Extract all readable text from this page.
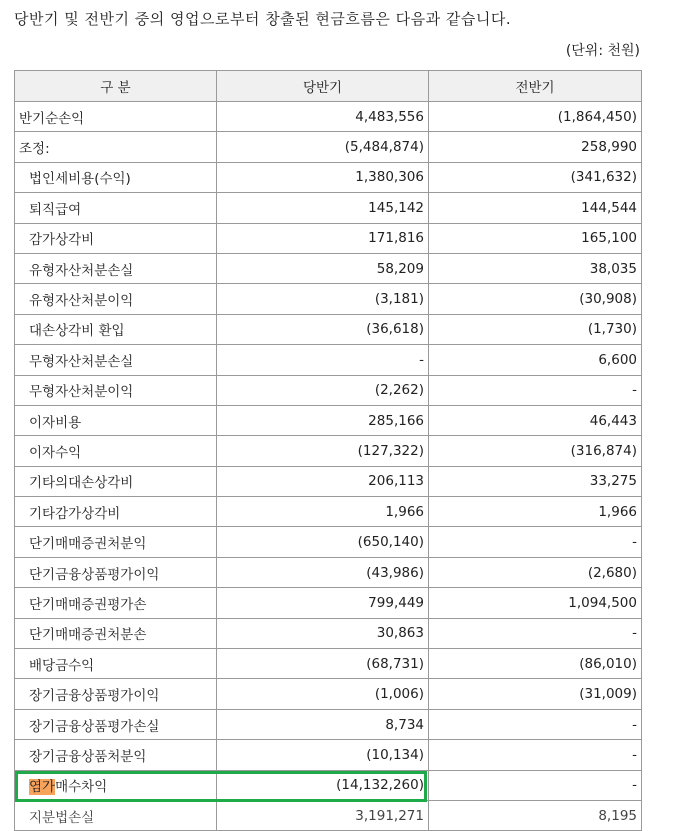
당반기 및 전반기 중의 영업으로부터 창출된 현금흐름은 다음과 같습니다.
(단위: 천원)
구 분	당반기	전반기
반기순손익	4,483,556	(1,864,450)
조정:	(5,484,874)	258,990
법인세비용(수익)	1,380,306	(341,632)
퇴직급여	145,142	144,544
감가상각비	171,816	165,100
유형자산처분손실	58,209	38,035
유형자산처분이익	(3,181)	(30,908)
대손상각비 환입	(36,618)	(1,730)
무형자산처분손실	-	6,600
무형자산처분이익	(2,262)	-
이자비용	285,166	46,443
이자수익	(127,322)	(316,874)
기타의대손상각비	206,113	33,275
기타감가상각비	1,966	1,966
단기매매증권처분익	(650,140)	-
단기금융상품평가이익	(43,986)	(2,680)
단기매매증권평가손	799,449	1,094,500
단기매매증권처분손	30,863	-
배당금수익	(68,731)	(86,010)
장기금융상품평가이익	(1,006)	(31,009)
장기금융상품평가손실	8,734	-
장기금융상품처분익	(10,134)	-
염가매수차익	(14,132,260)	-
지분법손실	3,191,271	8,195
